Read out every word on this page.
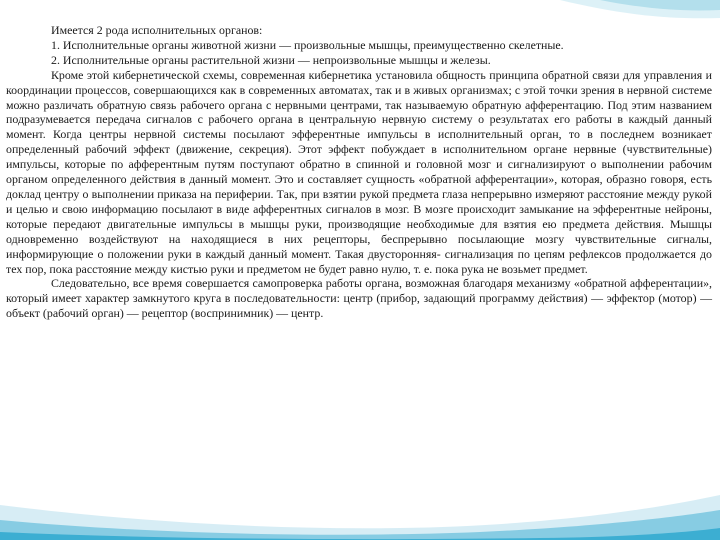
Имеется 2 рода исполнительных органов:

1. Исполнительные органы животной жизни — произвольные мышцы, преимущественно скелетные.

2. Исполнительные органы растительной жизни — непроизвольные мышцы и железы.

Кроме этой кибернетической схемы, современная кибернетика установила общность принципа обратной связи для управления и координации процессов, совершающихся как в современных автоматах, так и в живых организмах; с этой точки зрения в нервной системе можно различать обратную связь рабочего органа с нервными центрами, так называемую обратную афферентацию. Под этим названием подразумевается передача сигналов с рабочего органа в центральную нервную систему о результатах его работы в каждый данный момент. Когда центры нервной системы посылают эфферентные импульсы в исполнительный орган, то в последнем возникает определенный рабочий эффект (движение, секреция). Этот эффект побуждает в исполнительном органе нервные (чувствительные) импульсы, которые по афферентным путям поступают обратно в спинной и головной мозг и сигнализируют о выполнении рабочим органом определенного действия в данный момент. Это и составляет сущность «обратной афферентации», которая, образно говоря, есть доклад центру о выполнении приказа на периферии. Так, при взятии рукой предмета глаза непрерывно измеряют расстояние между рукой и целью и свою информацию посылают в виде афферентных сигналов в мозг. В мозге происходит замыкание на эфферентные нейроны, которые передают двигательные импульсы в мышцы руки, производящие необходимые для взятия ею предмета действия. Мышцы одновременно воздействуют на находящиеся в них рецепторы, беспрерывно посылающие мозгу чувствительные сигналы, информирующие о положении руки в каждый данный момент. Такая двусторонняя- сигнализация по цепям рефлексов продолжается до тех пор, пока расстояние между кистью руки и предметом не будет равно нулю, т. е. пока рука не возьмет предмет.

Следовательно, все время совершается самопроверка работы органа, возможная благодаря механизму «обратной афферентации», который имеет характер замкнутого круга в последовательности: центр (прибор, задающий программу действия) — эффектор (мотор) — объект (рабочий орган) — рецептор (воспринимник) — центр.
